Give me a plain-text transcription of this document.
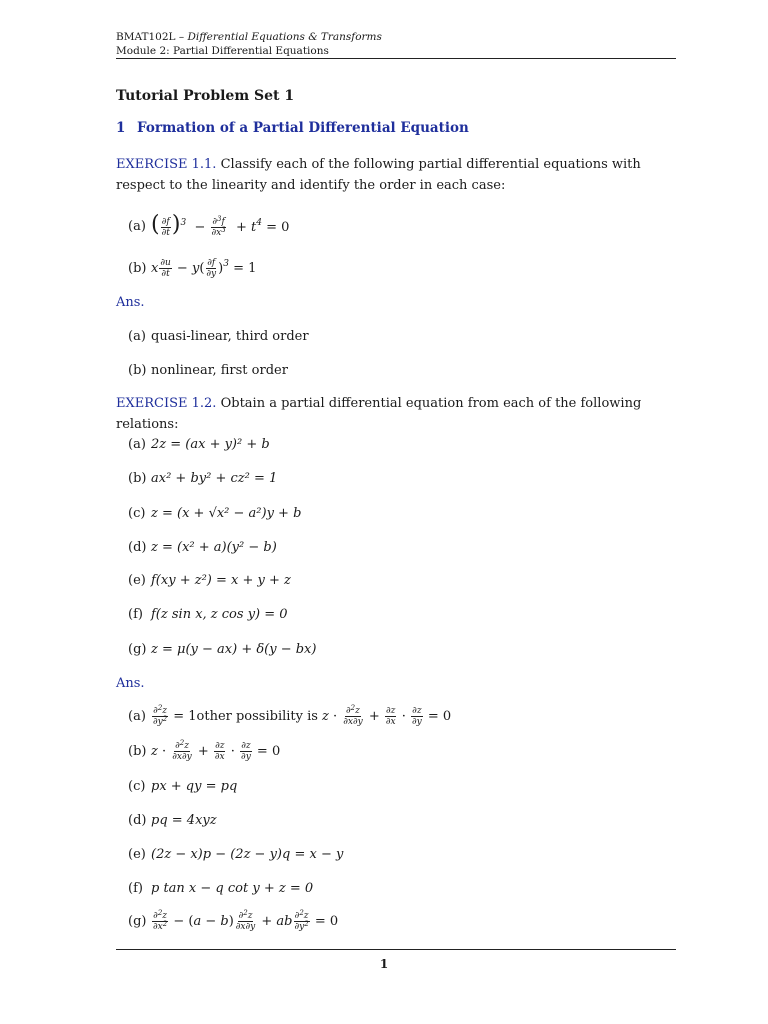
BMAT102L – Differential Equations & Transforms
Module 2: Partial Differential Equations
Tutorial Problem Set 1
1 Formation of a Partial Differential Equation
EXERCISE 1.1. Classify each of the following partial differential equations with respect to the linearity and identify the order in each case:
(a) ( $\frac{\partial f}{\partial t} )^3 - \frac{\partial^3f}{\partial x^3} + t^4 = 0$
(b) x $\frac{\partial u}{\partial t} - y( \frac{\partial f}{\partial y} )^3 = 1$
Ans.
(a) quasi-linear, third order
(b) nonlinear, first order
EXERCISE 1.2. Obtain a partial differential equation from each of the following relations:
(a) 2z = (ax + y)² + b
(b) ax² + by² + cz² = 1
(c) z = (x + √x² − a²)y + b
(d) z = (x² + a)(y² − b)
(e) f(xy + z²) = x + y + z
(f) f(z sin x, z cos y) = 0
(g) z = μ(y − ax) + δ(y − bx)
Ans.
$(a) \frac{\partial^2z}{\partial y^2}$ = 1other possibility is $z \cdot \frac{\partial^2z}{\partial x\partial y} + \frac{\partial z}{\partial x} \cdot \frac{\partial z}{\partial y} = 0$
(b) $z \cdot \frac{\partial^2z}{\partial x\partial y} + \frac{\partial z}{\partial x} \cdot \frac{\partial z}{\partial y} = 0$
(c) px + qy = pq
(d) pq = 4xyz
(e) (2z − x)p − (2z − y)q = x − y
(f) p tan x − q cot y + z = 0
$(g) \frac{\partial^2z}{\partial x^2} - (a - b) \frac{\partial^2z}{\partial x\partial y}$ + ab $\frac{\partial^2z}{\partial y^2} = 0$
1
